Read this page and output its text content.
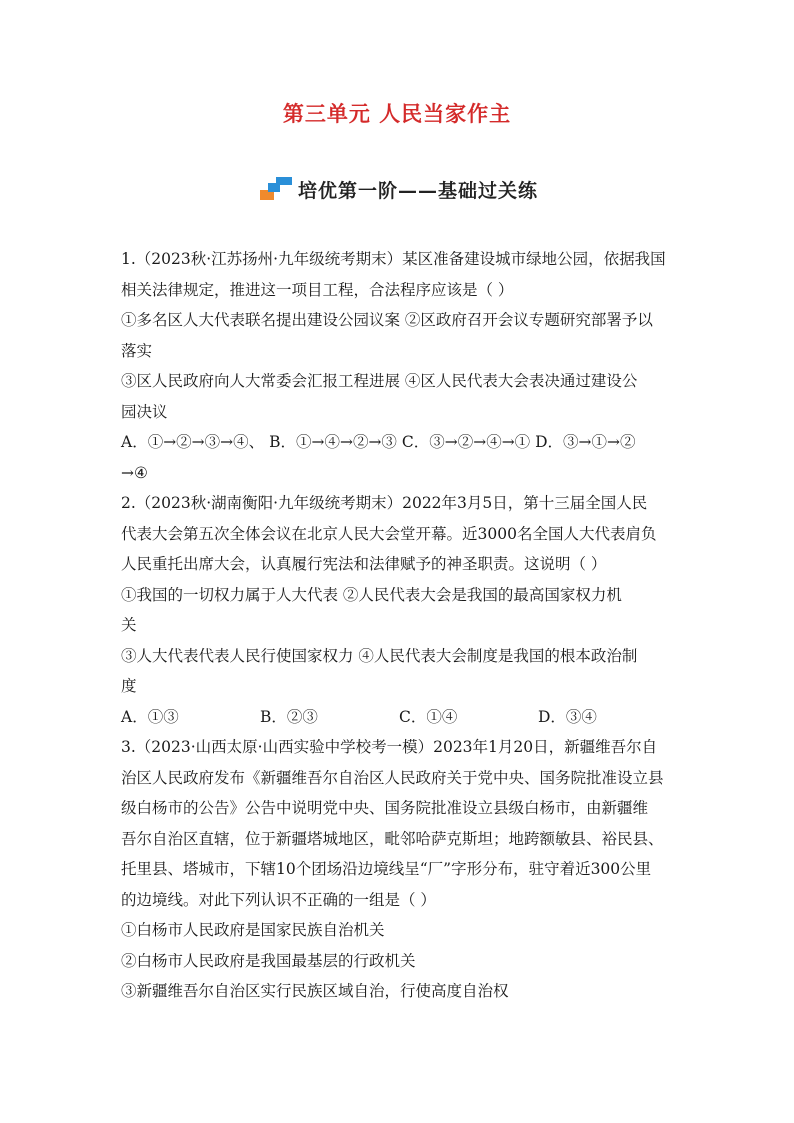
第三单元 人民当家作主
培优第一阶——基础过关练

1.（2023秋·江苏扬州·九年级统考期末）某区准备建设城市绿地公园，依据我国

相关法律规定，推进这一项目工程，合法程序应该是（ ）

①多名区人大代表联名提出建设公园议案 ②区政府召开会议专题研究部署予以

落实

③区人民政府向人大常委会汇报工程进展 ④区人民代表大会表决通过建设公

园决议

A．①→②→③→④、 B．①→④→②→③ C．③→②→④→① D．③→①→②

→④

2.（2023秋·湖南衡阳·九年级统考期末）2022年3月5日，第十三届全国人民

代表大会第五次全体会议在北京人民大会堂开幕。近3000名全国人大代表肩负

人民重托出席大会，认真履行宪法和法律赋予的神圣职责。这说明（ ）

①我国的一切权力属于人大代表 ②人民代表大会是我国的最高国家权力机

关

③人大代表代表人民行使国家权力 ④人民代表大会制度是我国的根本政治制

度

A．①③	B．②③	C．①④	D．③④

3.（2023·山西太原·山西实验中学校考一模）2023年1月20日，新疆维吾尔自

治区人民政府发布《新疆维吾尔自治区人民政府关于党中央、国务院批准设立县

级白杨市的公告》公告中说明党中央、国务院批准设立县级白杨市，由新疆维

吾尔自治区直辖，位于新疆塔城地区，毗邻哈萨克斯坦；地跨额敏县、裕民县、

托里县、塔城市，下辖10个团场沿边境线呈“厂”字形分布，驻守着近300公里

的边境线。对此下列认识不正确的一组是（ ）

①白杨市人民政府是国家民族自治机关

②白杨市人民政府是我国最基层的行政机关

③新疆维吾尔自治区实行民族区域自治，行使高度自治权
